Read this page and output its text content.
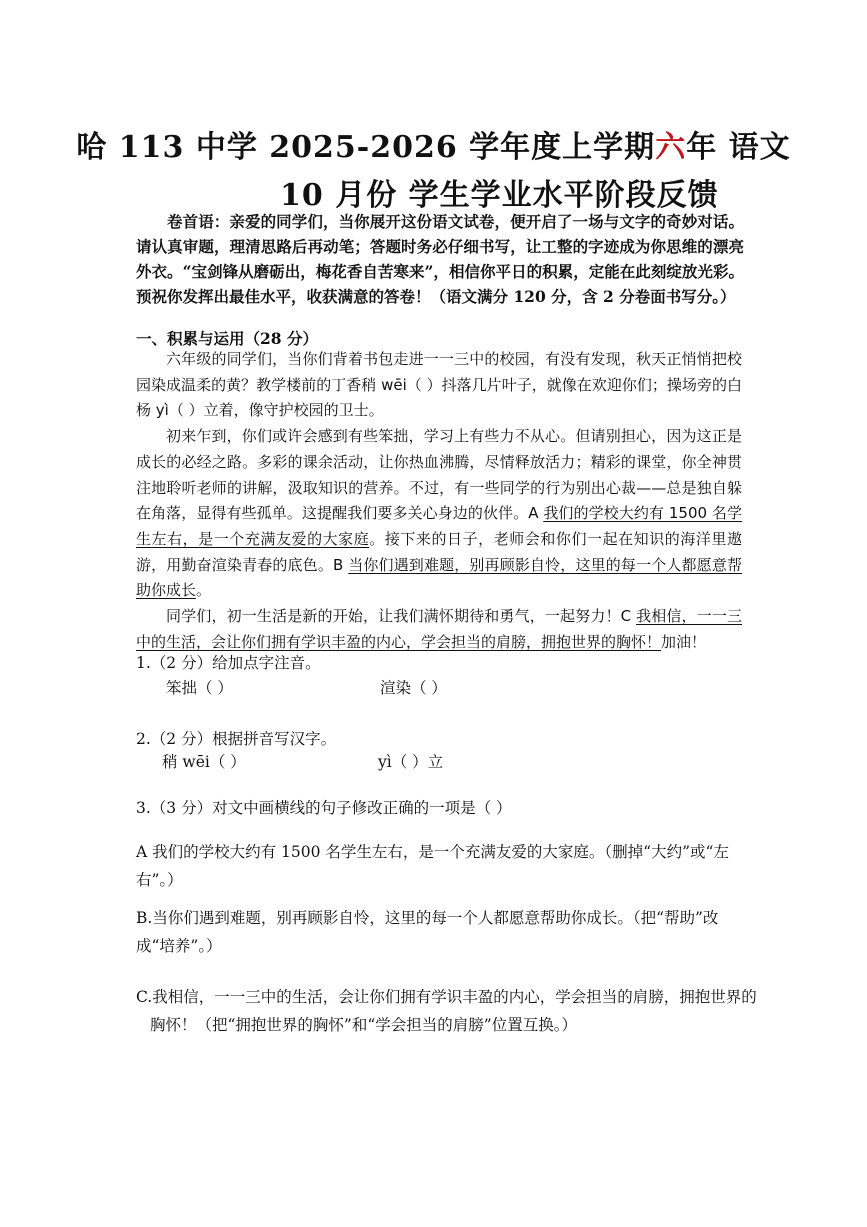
哈 113 中学 2025-2026 学年度上学期六年 语文
10 月份 学生学业水平阶段反馈
卷首语：亲爱的同学们，当你展开这份语文试卷，便开启了一场与文字的奇妙对话。请认真审题，理清思路后再动笔；答题时务必仔细书写，让工整的字迹成为你思维的漂亮外衣。“宝剑锋从磨砺出，梅花香自苦寒来”，相信你平日的积累，定能在此刻绽放光彩。预祝你发挥出最佳水平，收获满意的答卷！（语文满分 120 分，含 2 分卷面书写分。）
一、积累与运用（28 分）

六年级的同学们，当你们背着书包走进一一三中的校园，有没有发现，秋天正悄悄把校园染成温柔的黄？教学楼前的丁香稍 wēi（ ）抖落几片叶子，就像在欢迎你们；操场旁的白杨 yì（ ）立着，像守护校园的卫士。

初来乍到，你们或许会感到有些笨拙，学习上有些力不从心。但请别担心，因为这正是成长的必经之路。多彩的课余活动，让你热血沸腾，尽情释放活力；精彩的课堂，你全神贯注地聆听老师的讲解，汲取知识的营养。不过，有一些同学的行为别出心裁——总是独自躲在角落，显得有些孤单。这提醒我们要多关心身边的伙伴。A 我们的学校大约有 1500 名学生左右，是一个充满友爱的大家庭。接下来的日子，老师会和你们一起在知识的海洋里遨游，用勤奋渲染青春的底色。B 当你们遇到难题，别再顾影自怜，这里的每一个人都愿意帮助你成长。

同学们，初一生活是新的开始，让我们满怀期待和勇气，一起努力！C 我相信，一一三中的生活，会让你们拥有学识丰盈的内心，学会担当的肩膀，拥抱世界的胸怀！加油！

1.（2 分）给加点字注音。
笨拙（ ）	渲染（ ）
2.（2 分）根据拼音写汉字。
稍 wēi（ ）	yì（ ）立
3.（3 分）对文中画横线的句子修改正确的一项是（ ）
A 我们的学校大约有 1500 名学生左右，是一个充满友爱的大家庭。（删掉“大约”或“左右”。）
B.当你们遇到难题，别再顾影自怜，这里的每一个人都愿意帮助你成长。（把“帮助”改成“培养”。）
C.我相信，一一三中的生活，会让你们拥有学识丰盈的内心，学会担当的肩膀，拥抱世界的胸怀！（把“拥抱世界的胸怀”和“学会担当的肩膀”位置互换。）
